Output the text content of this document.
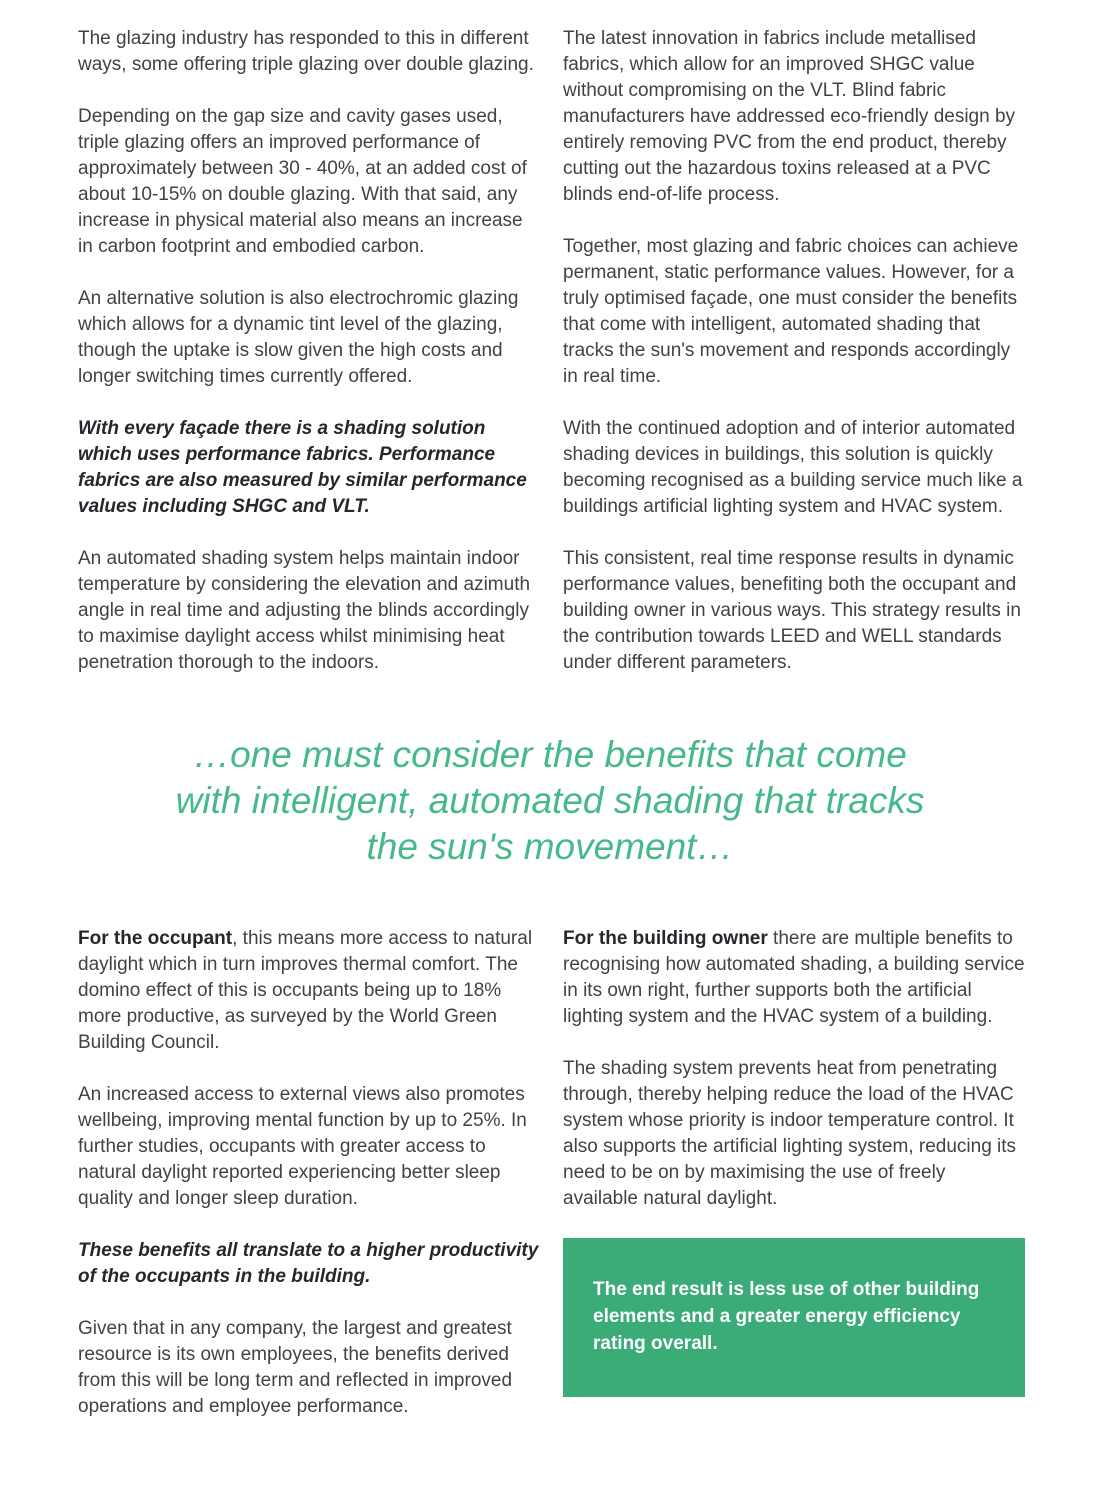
The glazing industry has responded to this in different ways, some offering triple glazing over double glazing.

Depending on the gap size and cavity gases used, triple glazing offers an improved performance of approximately between 30 - 40%, at an added cost of about 10-15% on double glazing. With that said, any increase in physical material also means an increase in carbon footprint and embodied carbon.

An alternative solution is also electrochromic glazing which allows for a dynamic tint level of the glazing, though the uptake is slow given the high costs and longer switching times currently offered.

With every façade there is a shading solution which uses performance fabrics. Performance fabrics are also measured by similar performance values including SHGC and VLT.

An automated shading system helps maintain indoor temperature by considering the elevation and azimuth angle in real time and adjusting the blinds accordingly to maximise daylight access whilst minimising heat penetration thorough to the indoors.

The latest innovation in fabrics include metallised fabrics, which allow for an improved SHGC value without compromising on the VLT. Blind fabric manufacturers have addressed eco-friendly design by entirely removing PVC from the end product, thereby cutting out the hazardous toxins released at a PVC blinds end-of-life process.

Together, most glazing and fabric choices can achieve permanent, static performance values. However, for a truly optimised façade, one must consider the benefits that come with intelligent, automated shading that tracks the sun's movement and responds accordingly in real time.

With the continued adoption and of interior automated shading devices in buildings, this solution is quickly becoming recognised as a building service much like a buildings artificial lighting system and HVAC system.

This consistent, real time response results in dynamic performance values, benefiting both the occupant and building owner in various ways. This strategy results in the contribution towards LEED and WELL standards under different parameters.

…one must consider the benefits that come
with intelligent, automated shading that tracks
the sun's movement…

For the occupant, this means more access to natural daylight which in turn improves thermal comfort. The domino effect of this is occupants being up to 18% more productive, as surveyed by the World Green Building Council.

An increased access to external views also promotes wellbeing, improving mental function by up to 25%. In further studies, occupants with greater access to natural daylight reported experiencing better sleep quality and longer sleep duration.

These benefits all translate to a higher productivity of the occupants in the building.

Given that in any company, the largest and greatest resource is its own employees, the benefits derived from this will be long term and reflected in improved operations and employee performance.

For the building owner there are multiple benefits to recognising how automated shading, a building service in its own right, further supports both the artificial lighting system and the HVAC system of a building.

The shading system prevents heat from penetrating through, thereby helping reduce the load of the HVAC system whose priority is indoor temperature control. It also supports the artificial lighting system, reducing its need to be on by maximising the use of freely available natural daylight.

The end result is less use of other building elements and a greater energy efficiency rating overall.
